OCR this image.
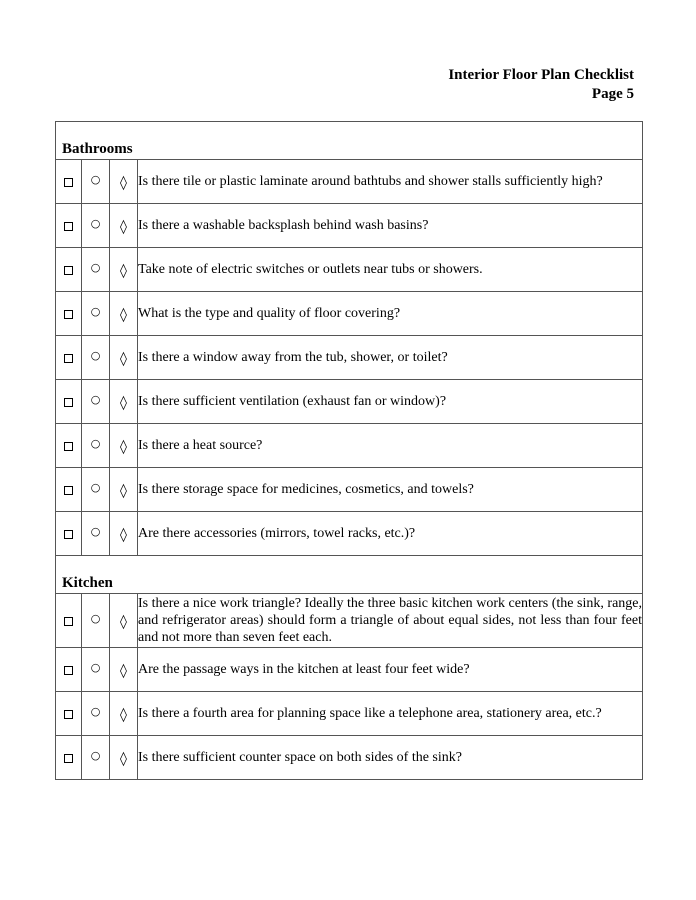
Interior Floor Plan Checklist
Page 5
Bathrooms			

	○	◊	Is there tile or plastic laminate around bathtubs and shower stalls sufficiently high?
	○	◊	Is there a washable backsplash behind wash basins?
	○	◊	Take note of electric switches or outlets near tubs or showers.
	○	◊	What is the type and quality of floor covering?
	○	◊	Is there a window away from the tub, shower, or toilet?
	○	◊	Is there sufficient ventilation (exhaust fan or window)?
	○	◊	Is there a heat source?
	○	◊	Is there storage space for medicines, cosmetics, and towels?
	○	◊	Are there accessories (mirrors, towel racks, etc.)?

Kitchen			

	○	◊	Is there a nice work triangle? Ideally the three basic kitchen work centers (the sink, range, and refrigerator areas) should form a triangle of about equal sides, not less than four feet and not more than seven feet each.
	○	◊	Are the passage ways in the kitchen at least four feet wide?
	○	◊	Is there a fourth area for planning space like a telephone area, stationery area, etc.?
	○	◊	Is there sufficient counter space on both sides of the sink?
